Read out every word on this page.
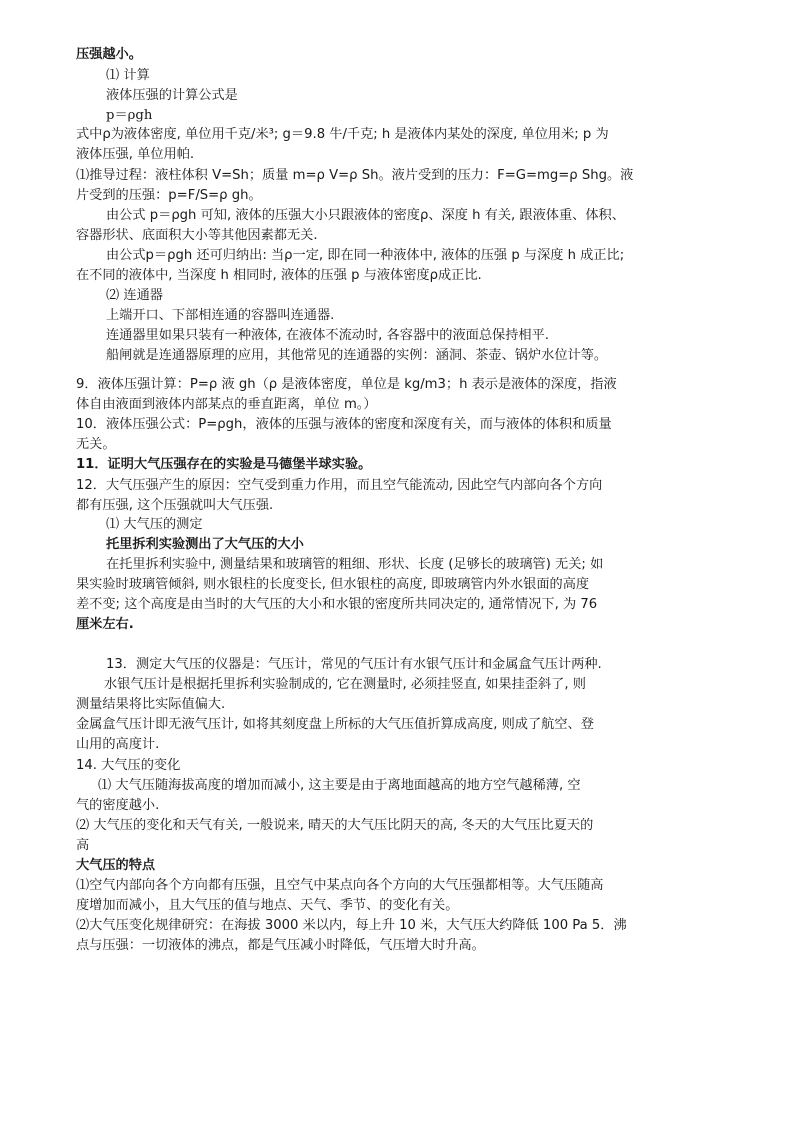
压强越小。
⑴ 计算
液体压强的计算公式是
p＝ρgh
式中ρ为液体密度, 单位用千克/米³; g＝9.8 牛/千克; h 是液体内某处的深度, 单位用米; p 为
液体压强, 单位用帕.
⑴推导过程：液柱体积 V=Sh；质量 m=ρ V=ρ Sh。液片受到的压力：F=G=mg=ρ Shg。液
片受到的压强：p=F/S=ρ gh。
由公式 p＝ρgh 可知, 液体的压强大小只跟液体的密度ρ、深度 h 有关, 跟液体重、体积、
容器形状、底面积大小等其他因素都无关.
由公式p＝ρgh 还可归纳出: 当ρ一定, 即在同一种液体中, 液体的压强 p 与深度 h 成正比;
在不同的液体中, 当深度 h 相同时, 液体的压强 p 与液体密度ρ成正比.
⑵ 连通器
上端开口、下部相连通的容器叫连通器.
连通器里如果只装有一种液体, 在液体不流动时, 各容器中的液面总保持相平.
船闸就是连通器原理的应用，其他常见的连通器的实例：涵洞、茶壶、锅炉水位计等。
9．液体压强计算：P=ρ 液 gh（ρ 是液体密度，单位是 kg/m3；h 表示是液体的深度，指液
体自由液面到液体内部某点的垂直距离，单位 m。）
10．液体压强公式：P=ρgh，液体的压强与液体的密度和深度有关，而与液体的体积和质量
无关。
11．证明大气压强存在的实验是马德堡半球实验。
12．大气压强产生的原因：空气受到重力作用，而且空气能流动, 因此空气内部向各个方向
都有压强, 这个压强就叫大气压强.
⑴ 大气压的测定
托里拆利实验测出了大气压的大小
在托里拆利实验中, 测量结果和玻璃管的粗细、形状、长度 (足够长的玻璃管) 无关; 如
果实验时玻璃管倾斜, 则水银柱的长度变长, 但水银柱的高度, 即玻璃管内外水银面的高度
差不变; 这个高度是由当时的大气压的大小和水银的密度所共同决定的, 通常情况下, 为 76
厘米左右.
13．测定大气压的仪器是：气压计，常见的气压计有水银气压计和金属盒气压计两种.
水银气压计是根据托里拆利实验制成的, 它在测量时, 必须挂竖直, 如果挂歪斜了, 则
测量结果将比实际值偏大.
金属盒气压计即无液气压计, 如将其刻度盘上所标的大气压值折算成高度, 则成了航空、登
山用的高度计.
14. 大气压的变化
⑴ 大气压随海拔高度的增加而减小, 这主要是由于离地面越高的地方空气越稀薄, 空
气的密度越小.
⑵ 大气压的变化和天气有关, 一般说来, 晴天的大气压比阴天的高, 冬天的大气压比夏天的
高
大气压的特点
⑴空气内部向各个方向都有压强，且空气中某点向各个方向的大气压强都相等。大气压随高
度增加而减小，且大气压的值与地点、天气、季节、的变化有关。
⑵大气压变化规律研究：在海拔 3000 米以内，每上升 10 米，大气压大约降低 100 Pa 5．沸
点与压强：一切液体的沸点，都是气压减小时降低，气压增大时升高。
